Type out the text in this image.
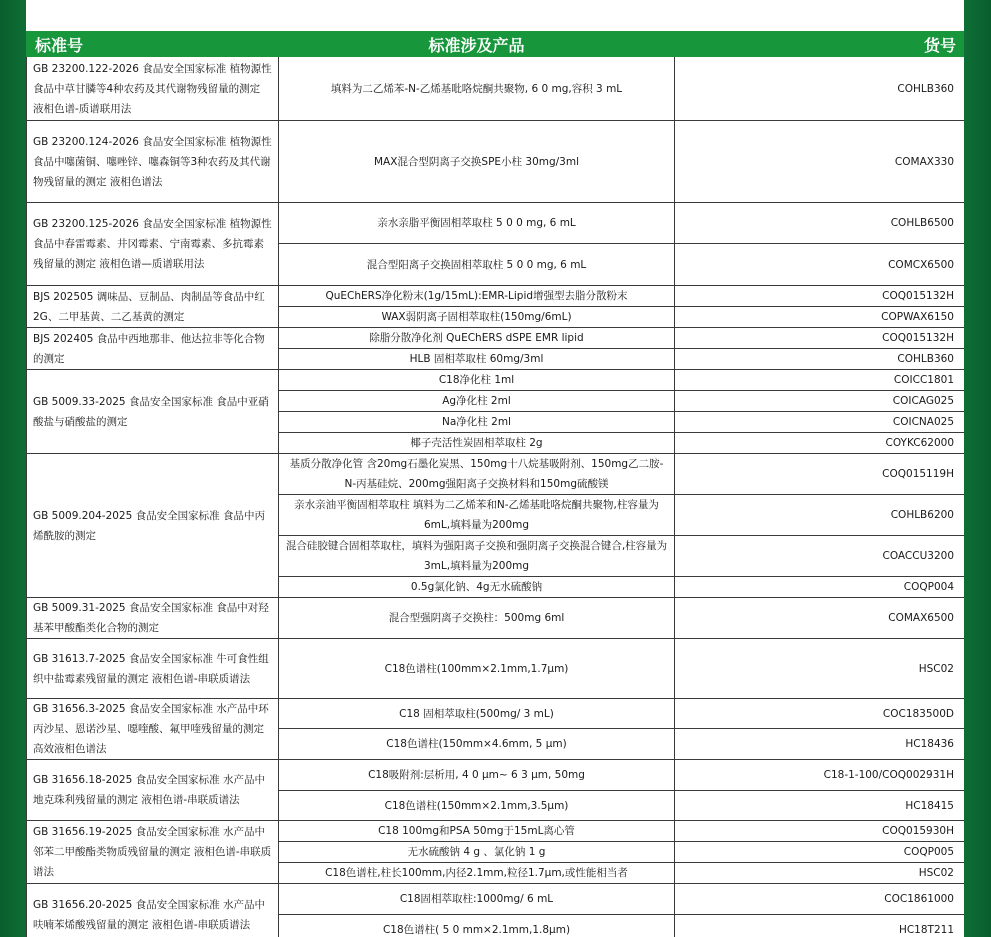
标准号	标准涉及产品	货号
GB 23200.122-2026 食品安全国家标准 植物源性食品中草甘膦等4种农药及其代谢物残留量的测定 液相色谱-质谱联用法	填料为二乙烯苯-N-乙烯基吡咯烷酮共聚物, 6 0 mg,容积 3 mL	COHLB360
GB 23200.124-2026 食品安全国家标准 植物源性食品中噻菌铜、噻唑锌、噻森铜等3种农药及其代谢物残留量的测定 液相色谱法	MAX混合型阴离子交换SPE小柱 30mg/3ml	COMAX330
GB 23200.125-2026 食品安全国家标准 植物源性食品中春雷霉素、井冈霉素、宁南霉素、多抗霉素残留量的测定 液相色谱—质谱联用法	亲水亲脂平衡固相萃取柱 5 0 0 mg, 6 mL	COHLB6500
	混合型阳离子交换固相萃取柱 5 0 0 mg, 6 mL	COMCX6500
BJS 202505 调味品、豆制品、肉制品等食品中红2G、二甲基黄、二乙基黄的测定	QuEChERS净化粉末(1g/15mL):EMR-Lipid增强型去脂分散粉末	COQ015132H
	WAX弱阴离子固相萃取柱(150mg/6mL)	COPWAX6150
BJS 202405 食品中西地那非、他达拉非等化合物的测定	除脂分散净化剂 QuEChERS dSPE EMR lipid	COQ015132H
	HLB 固相萃取柱 60mg/3ml	COHLB360
GB 5009.33-2025 食品安全国家标准 食品中亚硝酸盐与硝酸盐的测定	C18净化柱 1ml	COICC1801
	Ag净化柱 2ml	COICAG025
	Na净化柱 2ml	COICNA025
	椰子壳活性炭固相萃取柱 2g	COYKC62000
GB 5009.204-2025 食品安全国家标准 食品中丙烯酰胺的测定	基质分散净化管 含20mg石墨化炭黑、150mg十八烷基吸附剂、150mg乙二胺-N-丙基硅烷、200mg强阳离子交换材料和150mg硫酸镁	COQ015119H
	亲水亲油平衡固相萃取柱 填料为二乙烯苯和N-乙烯基吡咯烷酮共聚物,柱容量为6mL,填料量为200mg	COHLB6200
	混合硅胶键合固相萃取柱，填料为强阳离子交换和强阴离子交换混合键合,柱容量为3mL,填料量为200mg	COACCU3200
	0.5g氯化钠、4g无水硫酸钠	COQP004
GB 5009.31-2025 食品安全国家标准 食品中对羟基苯甲酸酯类化合物的测定	混合型强阴离子交换柱：500mg 6ml	COMAX6500
GB 31613.7-2025 食品安全国家标准 牛可食性组织中盐霉素残留量的测定 液相色谱-串联质谱法	C18色谱柱(100mm×2.1mm,1.7μm)	HSC02
GB 31656.3-2025 食品安全国家标准 水产品中环丙沙星、恩诺沙星、噁喹酸、氟甲喹残留量的测定 高效液相色谱法	C18 固相萃取柱(500mg/ 3 mL)	COC183500D
	C18色谱柱(150mm×4.6mm, 5 μm)	HC18436
GB 31656.18-2025 食品安全国家标准 水产品中地克珠利残留量的测定 液相色谱-串联质谱法	C18吸附剂:层析用, 4 0 μm~ 6 3 μm, 50mg	C18-1-100/COQ002931H
	C18色谱柱(150mm×2.1mm,3.5μm)	HC18415
GB 31656.19-2025 食品安全国家标准 水产品中邻苯二甲酸酯类物质残留量的测定 液相色谱-串联质谱法	C18 100mg和PSA 50mg于15mL离心管	COQ015930H
	无水硫酸钠 4 g 、氯化钠 1 g	COQP005
	C18色谱柱,柱长100mm,内径2.1mm,粒径1.7μm,或性能相当者	HSC02
GB 31656.20-2025 食品安全国家标准 水产品中呋喃苯烯酸残留量的测定 液相色谱-串联质谱法	C18固相萃取柱:1000mg/ 6 mL	COC1861000
	C18色谱柱( 5 0 mm×2.1mm,1.8μm)	HC18T211
